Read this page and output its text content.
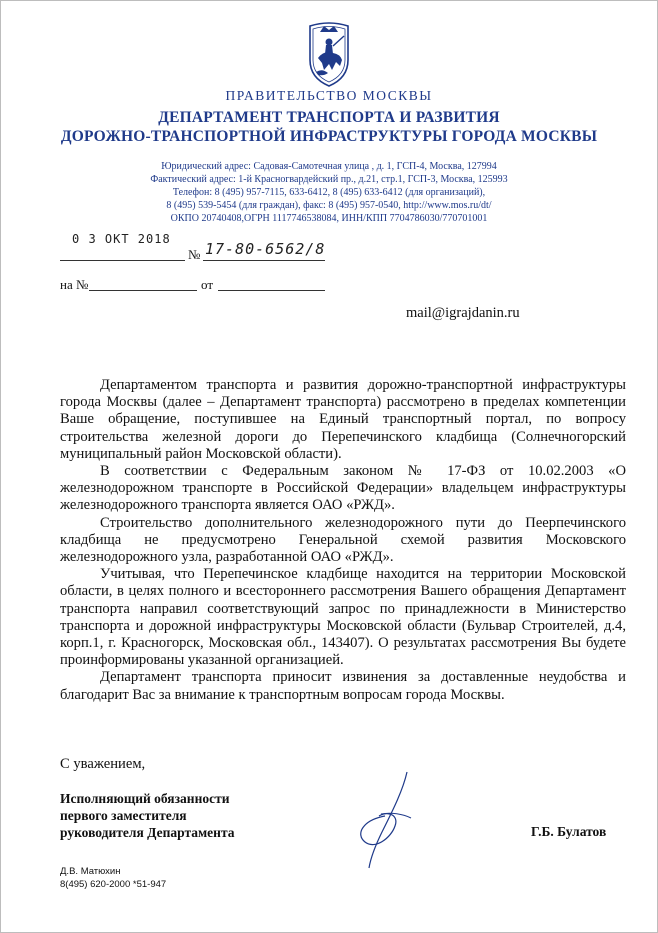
ПРАВИТЕЛЬСТВО МОСКВЫ
ДЕПАРТАМЕНТ ТРАНСПОРТА И РАЗВИТИЯ
ДОРОЖНО-ТРАНСПОРТНОЙ ИНФРАСТРУКТУРЫ ГОРОДА МОСКВЫ
Юридический адрес: Садовая-Самотечная улица , д. 1, ГСП-4, Москва, 127994
Фактический адрес: 1-й Красногвардейский пр., д.21, стр.1, ГСП-3, Москва, 125993
Телефон: 8 (495) 957-7115, 633-6412, 8 (495) 633-6412 (для организаций),
8 (495) 539-5454 (для граждан), факс: 8 (495) 957-0540, http://www.mos.ru/dt/
ОКПО 20740408,ОГРН 1117746538084, ИНН/КПП 7704786030/770701001
0 3 ОКТ 2018
№ 17-80-6562/8
на №	от
mail@igrajdanin.ru

Департаментом транспорта и развития дорожно-транспортной инфраструктуры города Москвы (далее – Департамент транспорта) рассмотрено в пределах компетенции Ваше обращение, поступившее на Единый транспортный портал, по вопросу строительства железной дороги до Перепечинского кладбища (Солнечногорский муниципальный район Московской области).

В соответствии с Федеральным законом № 17-ФЗ от 10.02.2003 «О железнодорожном транспорте в Российской Федерации» владельцем инфраструктуры железнодорожного транспорта является ОАО «РЖД».

Строительство дополнительного железнодорожного пути до Пеерпечинского кладбища не предусмотрено Генеральной схемой развития Московского железнодорожного узла, разработанной ОАО «РЖД».

Учитывая, что Перепечинское кладбище находится на территории Московской области, в целях полного и всестороннего рассмотрения Вашего обращения Департамент транспорта направил соответствующий запрос по принадлежности в Министерство транспорта и дорожной инфраструктуры Московской области (Бульвар Строителей, д.4, корп.1, г. Красногорск, Московская обл., 143407). О результатах рассмотрения Вы будете проинформированы указанной организацией.

Департамент транспорта приносит извинения за доставленные неудобства и благодарит Вас за внимание к транспортным вопросам города Москвы.

С уважением,
Исполняющий обязанности
первого заместителя
руководителя Департамента	Г.Б. Булатов
Д.В. Матюхин
8(495) 620-2000 *51-947
